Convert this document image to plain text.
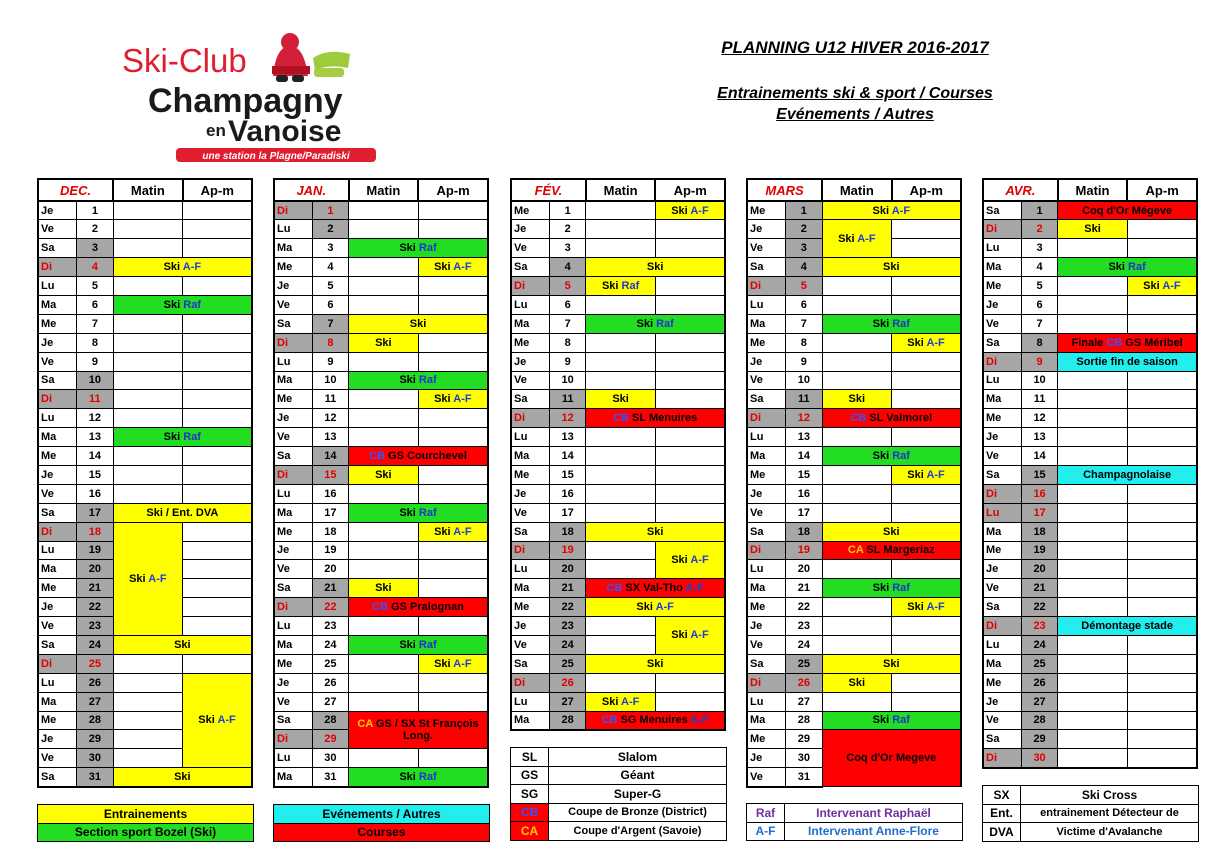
Ski-Club
Champagny
en Vanoise
une station la Plagne/Paradiski
PLANNING U12 HIVER 2016-2017
Entrainements ski & sport / Courses
Evénements / Autres
DEC.		Matin	Ap-m
Je	1		
Ve	2		
Sa	3		
Di	4	Ski A-F	
Lu	5		
Ma	6	Ski Raf	
Me	7		
Je	8		
Ve	9		
Sa	10		
Di	11		
Lu	12		
Ma	13	Ski Raf	
Me	14		
Je	15		
Ve	16		
Sa	17	Ski / Ent. DVA	
Di	18	Ski A-F	
Lu	19		
Ma	20		
Me	21		
Je	22		
Ve	23		
Sa	24	Ski	
Di	25		
Lu	26		Ski A-F
Ma	27		
Me	28		
Je	29		
Ve	30		
Sa	31	Ski	
JAN.		Matin	Ap-m
Di	1		
Lu	2		
Ma	3	Ski Raf	
Me	4		Ski A-F
Je	5		
Ve	6		
Sa	7	Ski	
Di	8	Ski	
Lu	9		
Ma	10	Ski Raf	
Me	11		Ski A-F
Je	12		
Ve	13		
Sa	14	CB GS Courchevel	
Di	15	Ski	
Lu	16		
Ma	17	Ski Raf	
Me	18		Ski A-F
Je	19		
Ve	20		
Sa	21	Ski	
Di	22	CB GS Pralognan	
Lu	23		
Ma	24	Ski Raf	
Me	25		Ski A-F
Je	26		
Ve	27		
Sa	28	CA GS / SX St François
Long.	
Di	29		
Lu	30		
Ma	31	Ski Raf	
FÉV.		Matin	Ap-m
Me	1		Ski A-F
Je	2		
Ve	3		
Sa	4	Ski	
Di	5	Ski Raf	
Lu	6		
Ma	7	Ski Raf	
Me	8		
Je	9		
Ve	10		
Sa	11	Ski	
Di	12	CB SL Menuires	
Lu	13		
Ma	14		
Me	15		
Je	16		
Ve	17		
Sa	18	Ski	
Di	19		Ski A-F
Lu	20		
Ma	21	CB SX Val-Tho A-F	
Me	22	Ski A-F	
Je	23		Ski A-F
Ve	24		
Sa	25	Ski	
Di	26		
Lu	27	Ski A-F	
Ma	28	CB SG Menuires A-F	
MARS		Matin	Ap-m
Me	1	Ski A-F	
Je	2	Ski A-F	
Ve	3		
Sa	4	Ski	
Di	5		
Lu	6		
Ma	7	Ski Raf	
Me	8		Ski A-F
Je	9		
Ve	10		
Sa	11	Ski	
Di	12	CB SL Valmorel	
Lu	13		
Ma	14	Ski Raf	
Me	15		Ski A-F
Je	16		
Ve	17		
Sa	18	Ski	
Di	19	CA SL Margeriaz	
Lu	20		
Ma	21	Ski Raf	
Me	22		Ski A-F
Je	23		
Ve	24		
Sa	25	Ski	
Di	26	Ski	
Lu	27		
Ma	28	Ski Raf	
Me	29	Coq d'Or Megeve	
Je	30		
Ve	31		
AVR.		Matin	Ap-m
Sa	1	Coq d'Or Mégeve	
Di	2	Ski	
Lu	3		
Ma	4	Ski Raf	
Me	5		Ski A-F
Je	6		
Ve	7		
Sa	8	Finale CB GS Méribel	
Di	9	Sortie fin de saison	
Lu	10		
Ma	11		
Me	12		
Je	13		
Ve	14		
Sa	15	Champagnolaise	
Di	16		
Lu	17		
Ma	18		
Me	19		
Je	20		
Ve	21		
Sa	22		
Di	23	Démontage stade	
Lu	24		
Ma	25		
Me	26		
Je	27		
Ve	28		
Sa	29		
Di	30		
Entrainements
Section sport Bozel (Ski)
Evénements / Autres
Courses
SL	Slalom
GS	Géant
SG	Super-G
CB	Coupe de Bronze (District)
CA	Coupe d'Argent (Savoie)
Raf	Intervenant Raphaël
A-F	Intervenant Anne-Flore
SX	Ski Cross
Ent.	entrainement Détecteur de
DVA	Victime d'Avalanche
